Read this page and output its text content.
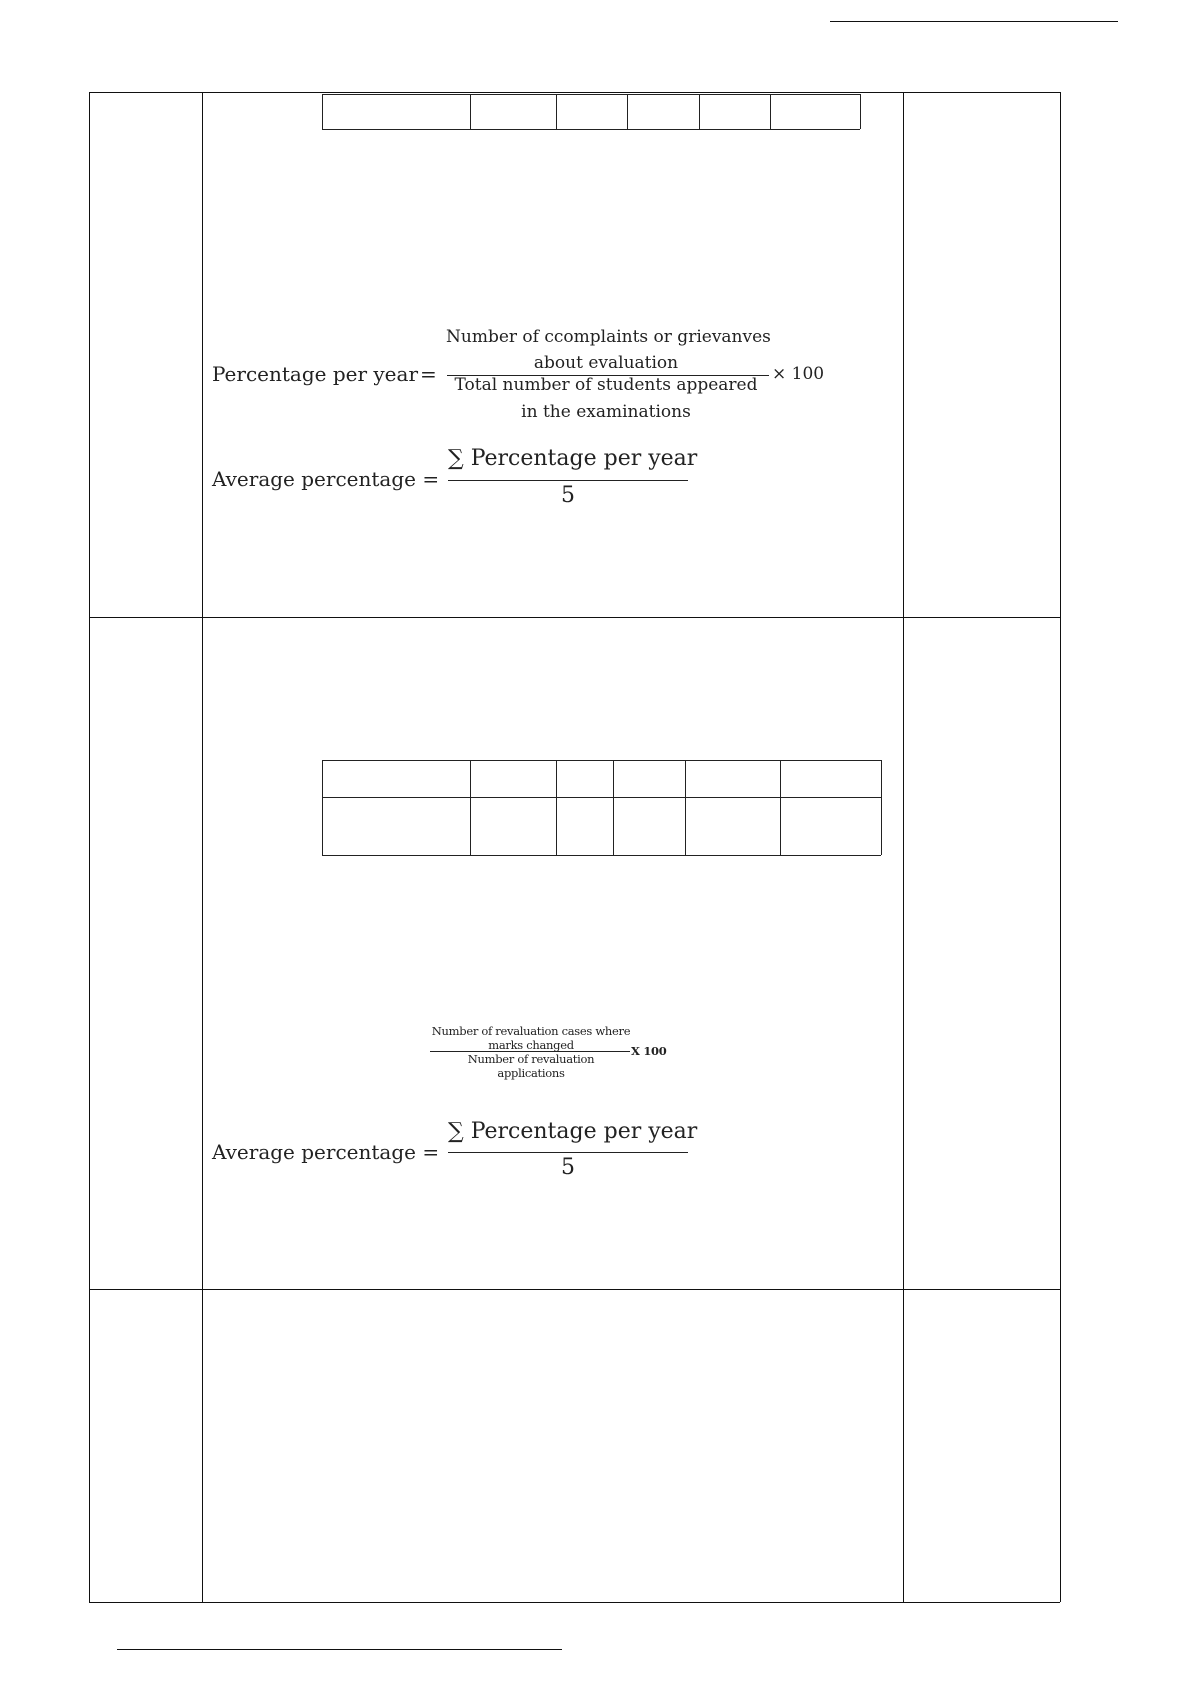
Percentage per year =
Number of ccomplaints or grievanves
about evaluation
Total number of students appeared
in the examinations
× 100
Average percentage =
∑ Percentage per year
5
Number of revaluation cases where
marks changed
Number of revaluation
applications
X 100
Average percentage =
∑ Percentage per year
5
